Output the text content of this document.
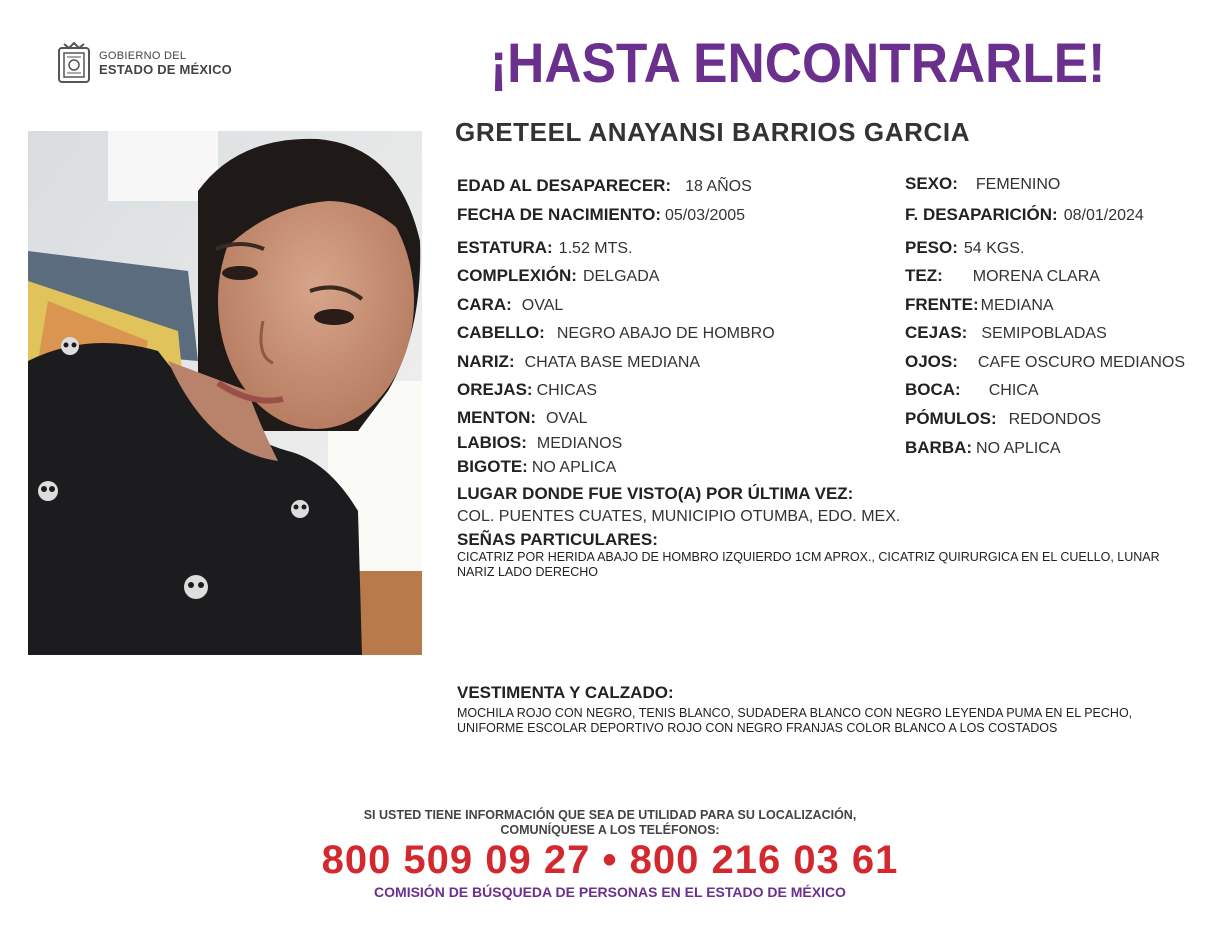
GOBIERNO DEL
ESTADO DE MÉXICO	¡HASTA ENCONTRARLE!
GRETEEL ANAYANSI BARRIOS GARCIA
EDAD AL DESAPARECER: 18 AÑOS
FECHA DE NACIMIENTO: 05/03/2005
ESTATURA: 1.52 MTS.
COMPLEXIÓN: DELGADA
CARA: OVAL
CABELLO: NEGRO ABAJO DE HOMBRO
NARIZ: CHATA BASE MEDIANA
OREJAS: CHICAS
MENTON: OVAL
LABIOS: MEDIANOS
BIGOTE: NO APLICA
SEXO: FEMENINO
F. DESAPARICIÓN: 08/01/2024
PESO: 54 KGS.
TEZ: MORENA CLARA
FRENTE: MEDIANA
CEJAS: SEMIPOBLADAS
OJOS: CAFE OSCURO MEDIANOS
BOCA: CHICA
PÓMULOS: REDONDOS
BARBA: NO APLICA
LUGAR DONDE FUE VISTO(A) POR ÚLTIMA VEZ:
COL. PUENTES CUATES, MUNICIPIO OTUMBA, EDO. MEX.
SEÑAS PARTICULARES:
CICATRIZ POR HERIDA ABAJO DE HOMBRO IZQUIERDO 1CM APROX., CICATRIZ QUIRURGICA EN EL CUELLO, LUNAR
NARIZ LADO DERECHO
VESTIMENTA Y CALZADO:
MOCHILA ROJO CON NEGRO, TENIS BLANCO, SUDADERA BLANCO CON NEGRO LEYENDA PUMA EN EL PECHO,
UNIFORME ESCOLAR DEPORTIVO ROJO CON NEGRO FRANJAS COLOR BLANCO A LOS COSTADOS
SI USTED TIENE INFORMACIÓN QUE SEA DE UTILIDAD PARA SU LOCALIZACIÓN,
COMUNÍQUESE A LOS TELÉFONOS:
800 509 09 27 • 800 216 03 61
COMISIÓN DE BÚSQUEDA DE PERSONAS EN EL ESTADO DE MÉXICO
